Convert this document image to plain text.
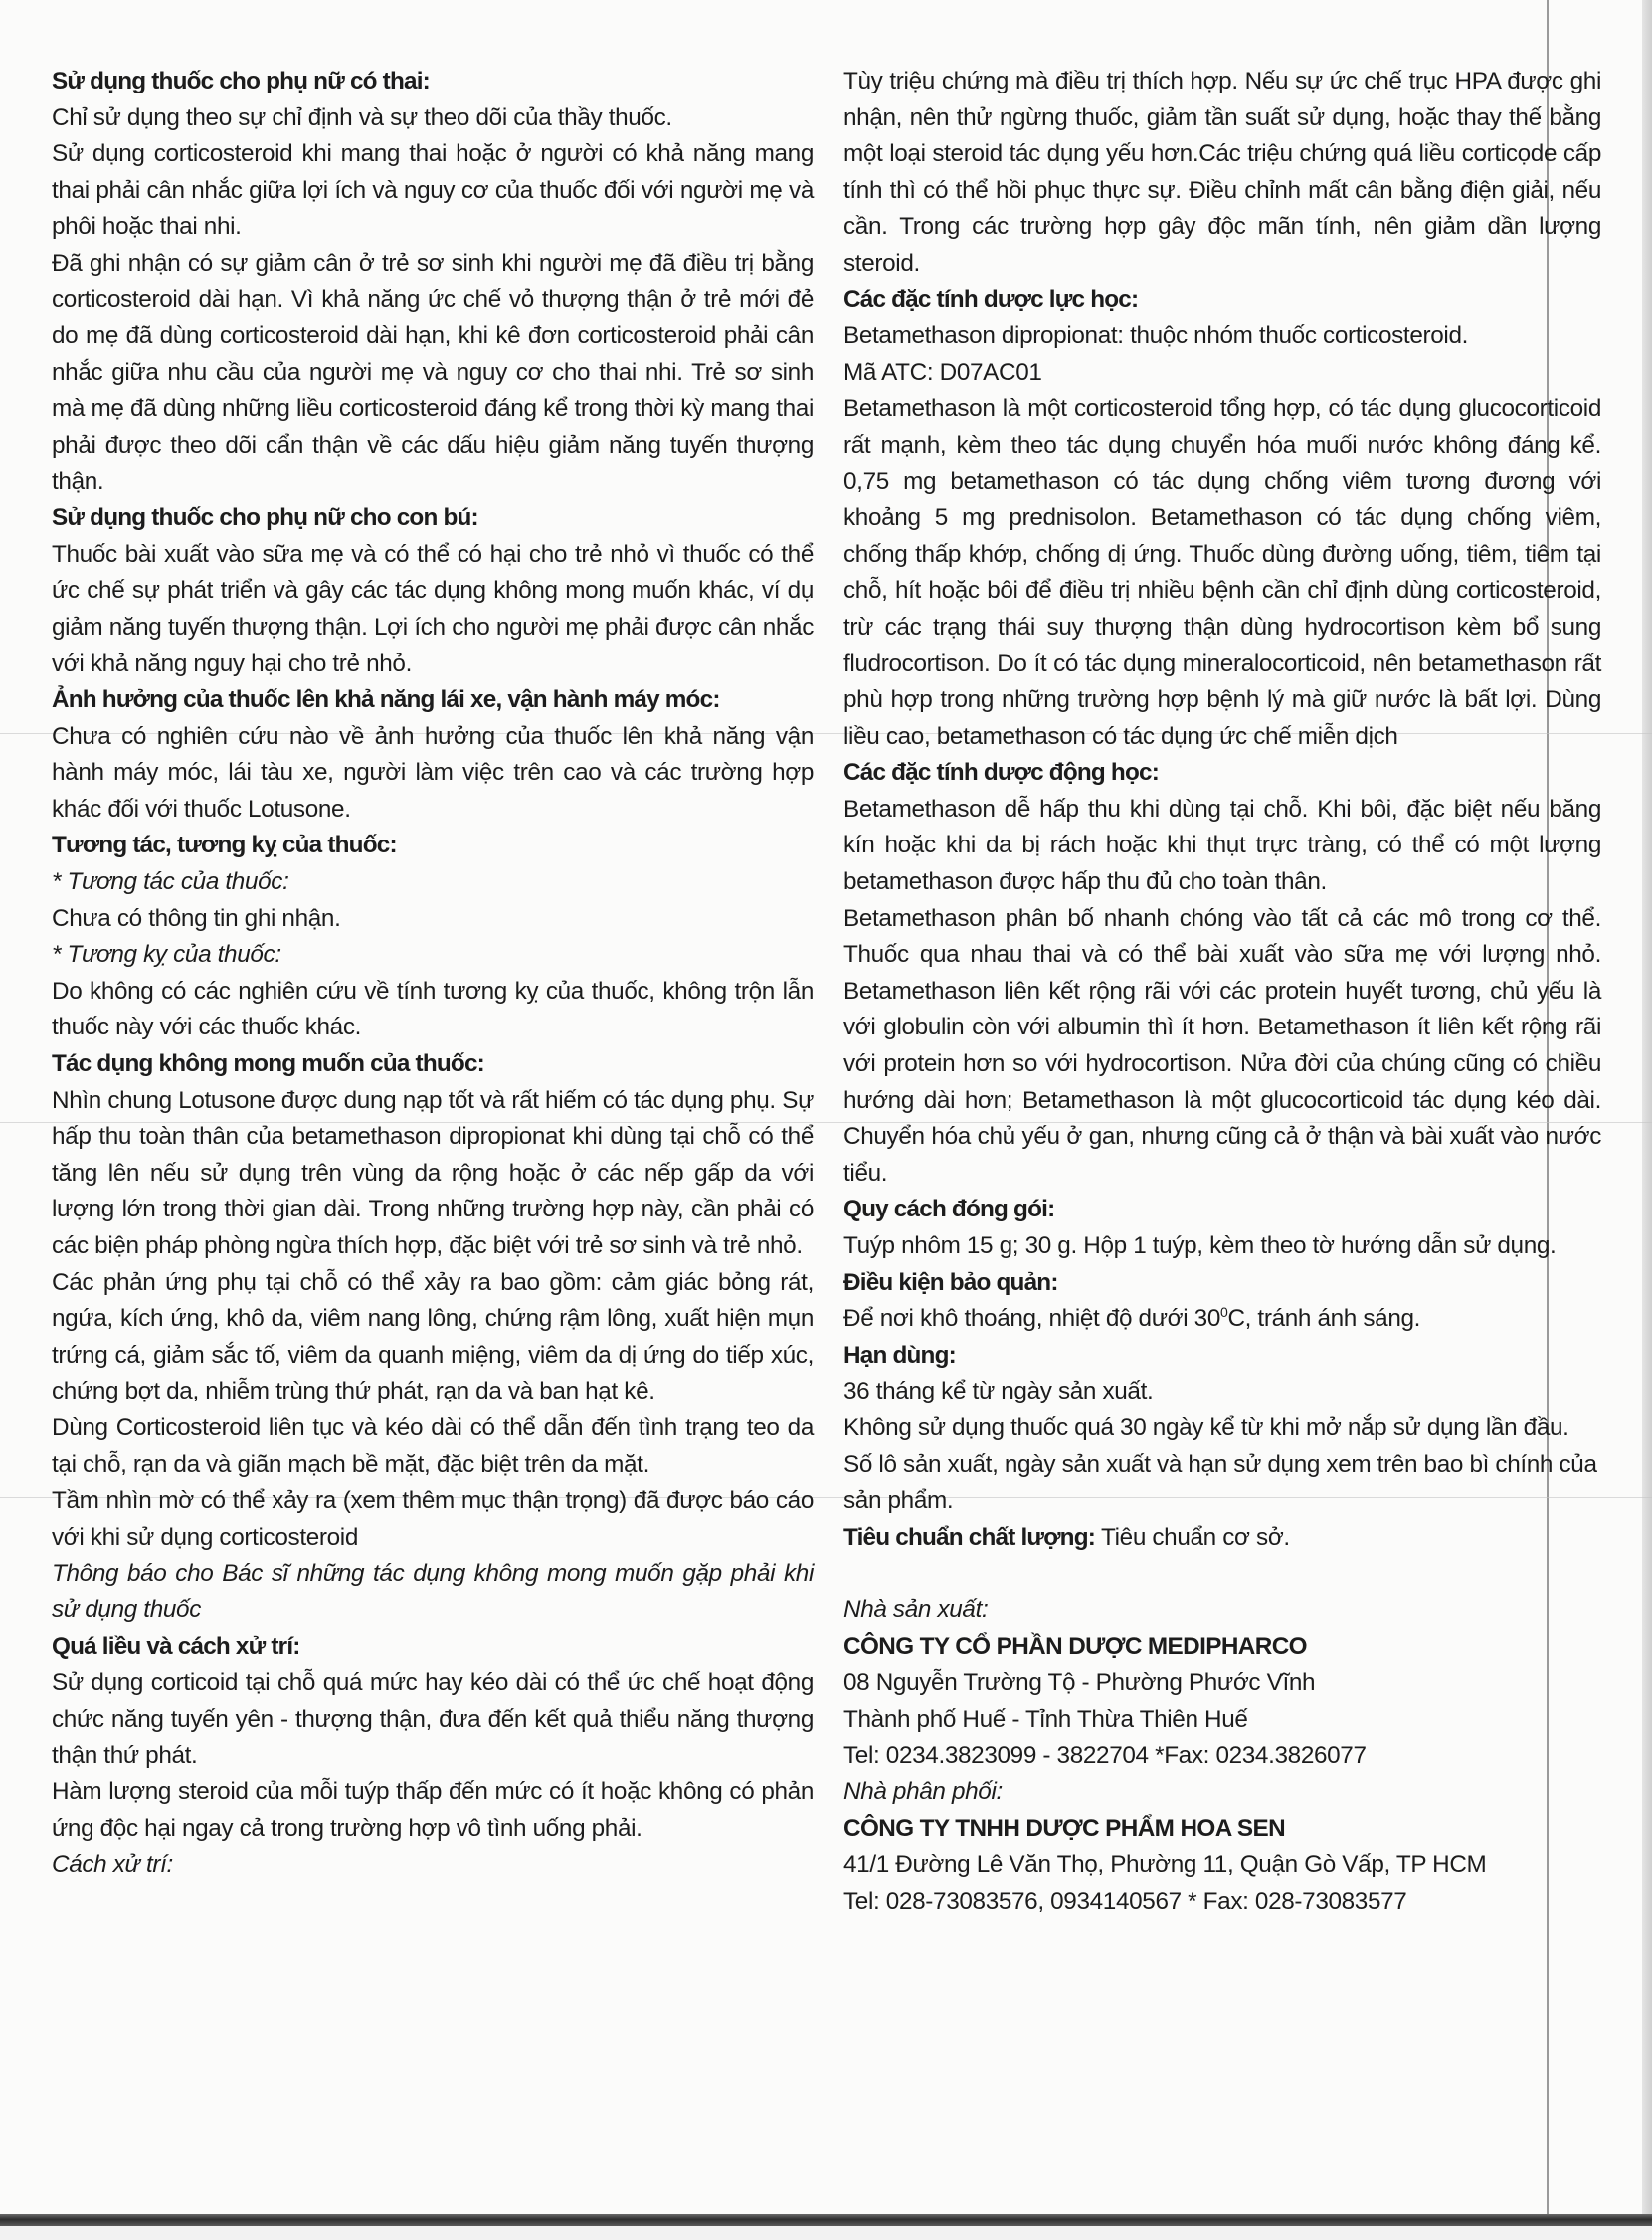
Sử dụng thuốc cho phụ nữ có thai:

Chỉ sử dụng theo sự chỉ định và sự theo dõi của thầy thuốc.

Sử dụng corticosteroid khi mang thai hoặc ở người có khả năng mang thai phải cân nhắc giữa lợi ích và nguy cơ của thuốc đối với người mẹ và phôi hoặc thai nhi.

Đã ghi nhận có sự giảm cân ở trẻ sơ sinh khi người mẹ đã điều trị bằng corticosteroid dài hạn. Vì khả năng ức chế vỏ thượng thận ở trẻ mới đẻ do mẹ đã dùng corticosteroid dài hạn, khi kê đơn corticosteroid phải cân nhắc giữa nhu cầu của người mẹ và nguy cơ cho thai nhi. Trẻ sơ sinh mà mẹ đã dùng những liều corticosteroid đáng kể trong thời kỳ mang thai phải được theo dõi cẩn thận về các dấu hiệu giảm năng tuyến thượng thận.

Sử dụng thuốc cho phụ nữ cho con bú:

Thuốc bài xuất vào sữa mẹ và có thể có hại cho trẻ nhỏ vì thuốc có thể ức chế sự phát triển và gây các tác dụng không mong muốn khác, ví dụ giảm năng tuyến thượng thận. Lợi ích cho người mẹ phải được cân nhắc với khả năng nguy hại cho trẻ nhỏ.

Ảnh hưởng của thuốc lên khả năng lái xe, vận hành máy móc:

Chưa có nghiên cứu nào về ảnh hưởng của thuốc lên khả năng vận hành máy móc, lái tàu xe, người làm việc trên cao và các trường hợp khác đối với thuốc Lotusone.

Tương tác, tương kỵ của thuốc:

* Tương tác của thuốc:

Chưa có thông tin ghi nhận.

* Tương kỵ của thuốc:

Do không có các nghiên cứu về tính tương kỵ của thuốc, không trộn lẫn thuốc này với các thuốc khác.

Tác dụng không mong muốn của thuốc:

Nhìn chung Lotusone được dung nạp tốt và rất hiếm có tác dụng phụ. Sự hấp thu toàn thân của betamethason dipropionat khi dùng tại chỗ có thể tăng lên nếu sử dụng trên vùng da rộng hoặc ở các nếp gấp da với lượng lớn trong thời gian dài. Trong những trường hợp này, cần phải có các biện pháp phòng ngừa thích hợp, đặc biệt với trẻ sơ sinh và trẻ nhỏ.

Các phản ứng phụ tại chỗ có thể xảy ra bao gồm: cảm giác bỏng rát, ngứa, kích ứng, khô da, viêm nang lông, chứng rậm lông, xuất hiện mụn trứng cá, giảm sắc tố, viêm da quanh miệng, viêm da dị ứng do tiếp xúc, chứng bợt da, nhiễm trùng thứ phát, rạn da và ban hạt kê.

Dùng Corticosteroid liên tục và kéo dài có thể dẫn đến tình trạng teo da tại chỗ, rạn da và giãn mạch bề mặt, đặc biệt trên da mặt.

Tầm nhìn mờ có thể xảy ra (xem thêm mục thận trọng) đã được báo cáo với khi sử dụng corticosteroid

Thông báo cho Bác sĩ những tác dụng không mong muốn gặp phải khi sử dụng thuốc

Quá liều và cách xử trí:

Sử dụng corticoid tại chỗ quá mức hay kéo dài có thể ức chế hoạt động chức năng tuyến yên - thượng thận, đưa đến kết quả thiểu năng thượng thận thứ phát.

Hàm lượng steroid của mỗi tuýp thấp đến mức có ít hoặc không có phản ứng độc hại ngay cả trong trường hợp vô tình uống phải.

Cách xử trí:

Tùy triệu chứng mà điều trị thích hợp. Nếu sự ức chế trục HPA được ghi nhận, nên thử ngừng thuốc, giảm tần suất sử dụng, hoặc thay thế bằng một loại steroid tác dụng yếu hơn.Các triệu chứng quá liều corticọde cấp tính thì có thể hồi phục thực sự. Điều chỉnh mất cân bằng điện giải, nếu cần. Trong các trường hợp gây độc mãn tính, nên giảm dần lượng steroid.

Các đặc tính dược lực học:

Betamethason dipropionat: thuộc nhóm thuốc corticosteroid.

Mã ATC: D07AC01

Betamethason là một corticosteroid tổng hợp, có tác dụng glucocorticoid rất mạnh, kèm theo tác dụng chuyển hóa muối nước không đáng kể. 0,75 mg betamethason có tác dụng chống viêm tương đương với khoảng 5 mg prednisolon. Betamethason có tác dụng chống viêm, chống thấp khớp, chống dị ứng. Thuốc dùng đường uống, tiêm, tiêm tại chỗ, hít hoặc bôi để điều trị nhiều bệnh cần chỉ định dùng corticosteroid, trừ các trạng thái suy thượng thận dùng hydrocortison kèm bổ sung fludrocortison. Do ít có tác dụng mineralocorticoid, nên betamethason rất phù hợp trong những trường hợp bệnh lý mà giữ nước là bất lợi. Dùng liều cao, betamethason có tác dụng ức chế miễn dịch

Các đặc tính dược động học:

Betamethason dễ hấp thu khi dùng tại chỗ. Khi bôi, đặc biệt nếu băng kín hoặc khi da bị rách hoặc khi thụt trực tràng, có thể có một lượng betamethason được hấp thu đủ cho toàn thân.

Betamethason phân bố nhanh chóng vào tất cả các mô trong cơ thể. Thuốc qua nhau thai và có thể bài xuất vào sữa mẹ với lượng nhỏ. Betamethason liên kết rộng rãi với các protein huyết tương, chủ yếu là với globulin còn với albumin thì ít hơn. Betamethason ít liên kết rộng rãi với protein hơn so với hydrocortison. Nửa đời của chúng cũng có chiều hướng dài hơn; Betamethason là một glucocorticoid tác dụng kéo dài. Chuyển hóa chủ yếu ở gan, nhưng cũng cả ở thận và bài xuất vào nước tiểu.

Quy cách đóng gói:

Tuýp nhôm 15 g; 30 g. Hộp 1 tuýp, kèm theo tờ hướng dẫn sử dụng.

Điều kiện bảo quản:

Để nơi khô thoáng, nhiệt độ dưới $30^0C$, tránh ánh sáng.

Hạn dùng:

36 tháng kể từ ngày sản xuất.

Không sử dụng thuốc quá 30 ngày kể từ khi mở nắp sử dụng lần đầu.

Số lô sản xuất, ngày sản xuất và hạn sử dụng xem trên bao bì chính của sản phẩm.

Tiêu chuẩn chất lượng: Tiêu chuẩn cơ sở.

Nhà sản xuất:

CÔNG TY CỔ PHẦN DƯỢC MEDIPHARCO

08 Nguyễn Trường Tộ - Phường Phước Vĩnh

Thành phố Huế - Tỉnh Thừa Thiên Huế

Tel: 0234.3823099 - 3822704 *Fax: 0234.3826077

Nhà phân phối:

CÔNG TY TNHH DƯỢC PHẨM HOA SEN

41/1 Đường Lê Văn Thọ, Phường 11, Quận Gò Vấp, TP HCM

Tel: 028-73083576, 0934140567 * Fax: 028-73083577
